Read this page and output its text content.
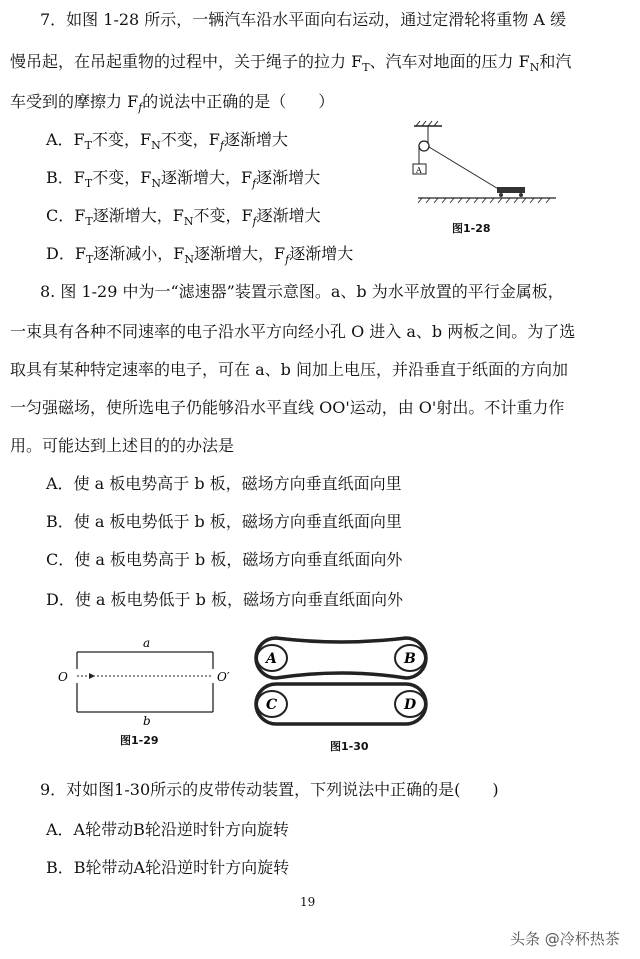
7．如图 1-28 所示，一辆汽车沿水平面向右运动，通过定滑轮将重物 A 缓
慢吊起，在吊起重物的过程中，关于绳子的拉力 $F_T$、汽车对地面的压力 $F_N$和汽
车受到的摩擦力 $F_f$的说法中正确的是（　　）
A．$F_T$不变，$F_N$不变，$F_f$逐渐增大
B．$F_T$不变，$F_N$逐渐增大，$F_f$逐渐增大
C．$F_T$逐渐增大，$F_N$不变，$F_f$逐渐增大
D．$F_T$逐渐减小，$F_N$逐渐增大，$F_f$逐渐增大
A
图1-28
8. 图 1-29 中为一“滤速器”装置示意图。a、b 为水平放置的平行金属板，
一束具有各种不同速率的电子沿水平方向经小孔 O 进入 a、b 两板之间。为了选
取具有某种特定速率的电子，可在 a、b 间加上电压，并沿垂直于纸面的方向加
一匀强磁场，使所选电子仍能够沿水平直线 OO'运动，由 O'射出。不计重力作
用。可能达到上述目的的办法是
A．使 a 板电势高于 b 板，磁场方向垂直纸面向里
B．使 a 板电势低于 b 板，磁场方向垂直纸面向里
C．使 a 板电势高于 b 板，磁场方向垂直纸面向外
D．使 a 板电势低于 b 板，磁场方向垂直纸面向外
a
O	O′
b
图1-29
A	B
C	D
图1-30
9．对如图1-30所示的皮带传动装置，下列说法中正确的是(　　)
A．A轮带动B轮沿逆时针方向旋转
B．B轮带动A轮沿逆时针方向旋转
19
头条 @冷杯热茶
